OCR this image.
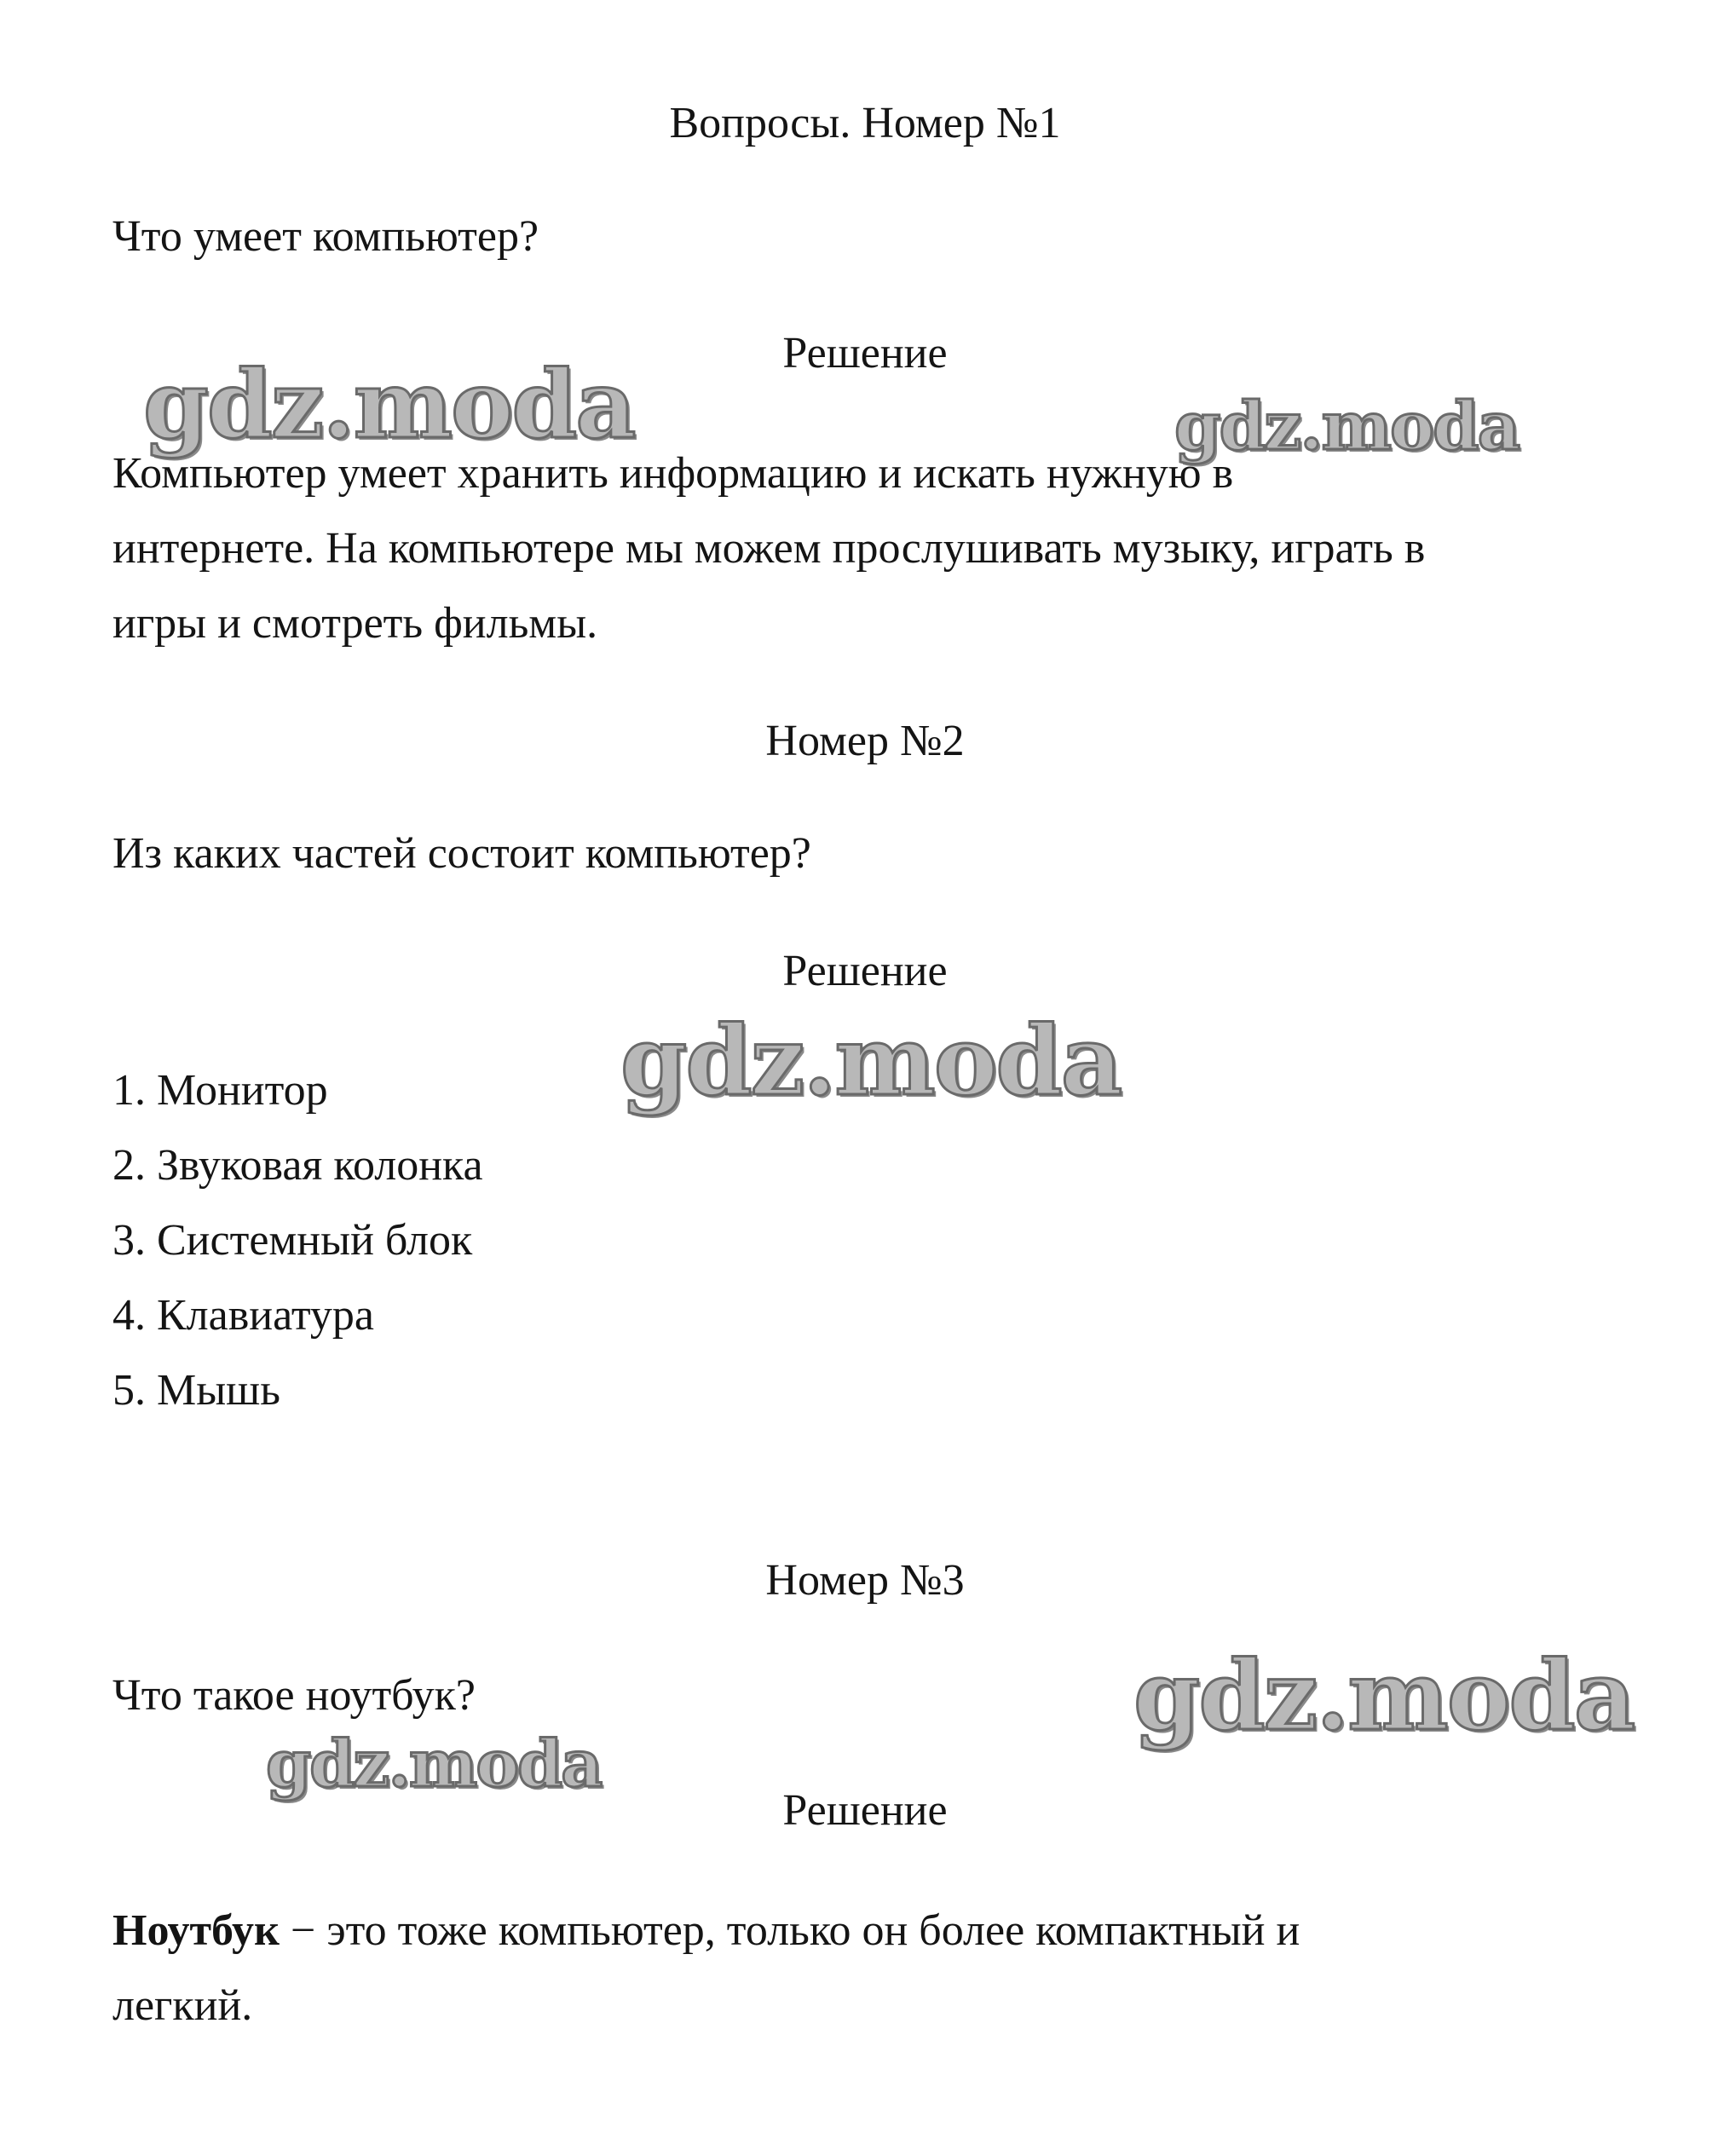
gdz.moda	gdz.moda
gdz.moda
gdz.moda
gdz.moda
Вопросы. Номер №1
Что умеет компьютер?
Решение
Компьютер умеет хранить информацию и искать нужную в
интернете. На компьютере мы можем прослушивать музыку, играть в
игры и смотреть фильмы.
Номер №2
Из каких частей состоит компьютер?
Решение
1. Монитор
2. Звуковая колонка
3. Системный блок
4. Клавиатура
5. Мышь
Номер №3
Что такое ноутбук?
Решение
Ноутбук − это тоже компьютер, только он более компактный и
легкий.
